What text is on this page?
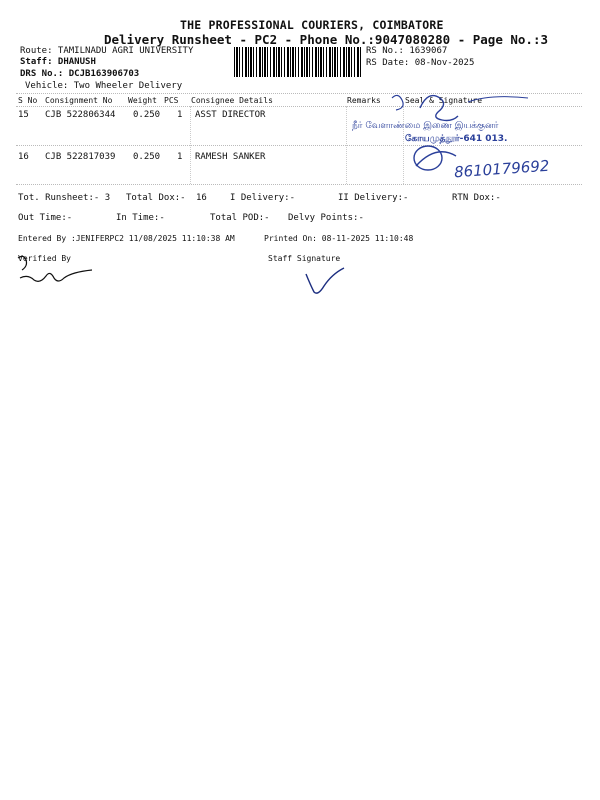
THE PROFESSIONAL COURIERS, COIMBATORE
Delivery Runsheet - PC2 - Phone No.:9047080280 - Page No.:3
Route: TAMILNADU AGRI UNIVERSITY
Staff: DHANUSH
DRS No.: DCJB163906703
Vehicle: Two Wheeler Delivery
RS No.: 1639067
RS Date: 08-Nov-2025
S No Consignment No Weight PCS Consignee Details	Remarks	Seal & Signature
15 CJB 522806344 0.250 1 ASST DIRECTOR
16 CJB 522817039 0.250 1 RAMESH SANKER
நீர் வேளாண்மை இணை இயக்குனர்
கோயமுத்தூர்-641 013.
8610179692
Tot. Runsheet:- 3 Total Dox:- 16	I Delivery:-	II Delivery:-	RTN Dox:-
Out Time:-	In Time:-	Total POD:- Delvy Points:-
Entered By :JENIFERPC2 11/08/2025 11:10:38 AM	Printed On: 08-11-2025 11:10:48
Verified By	Staff Signature
